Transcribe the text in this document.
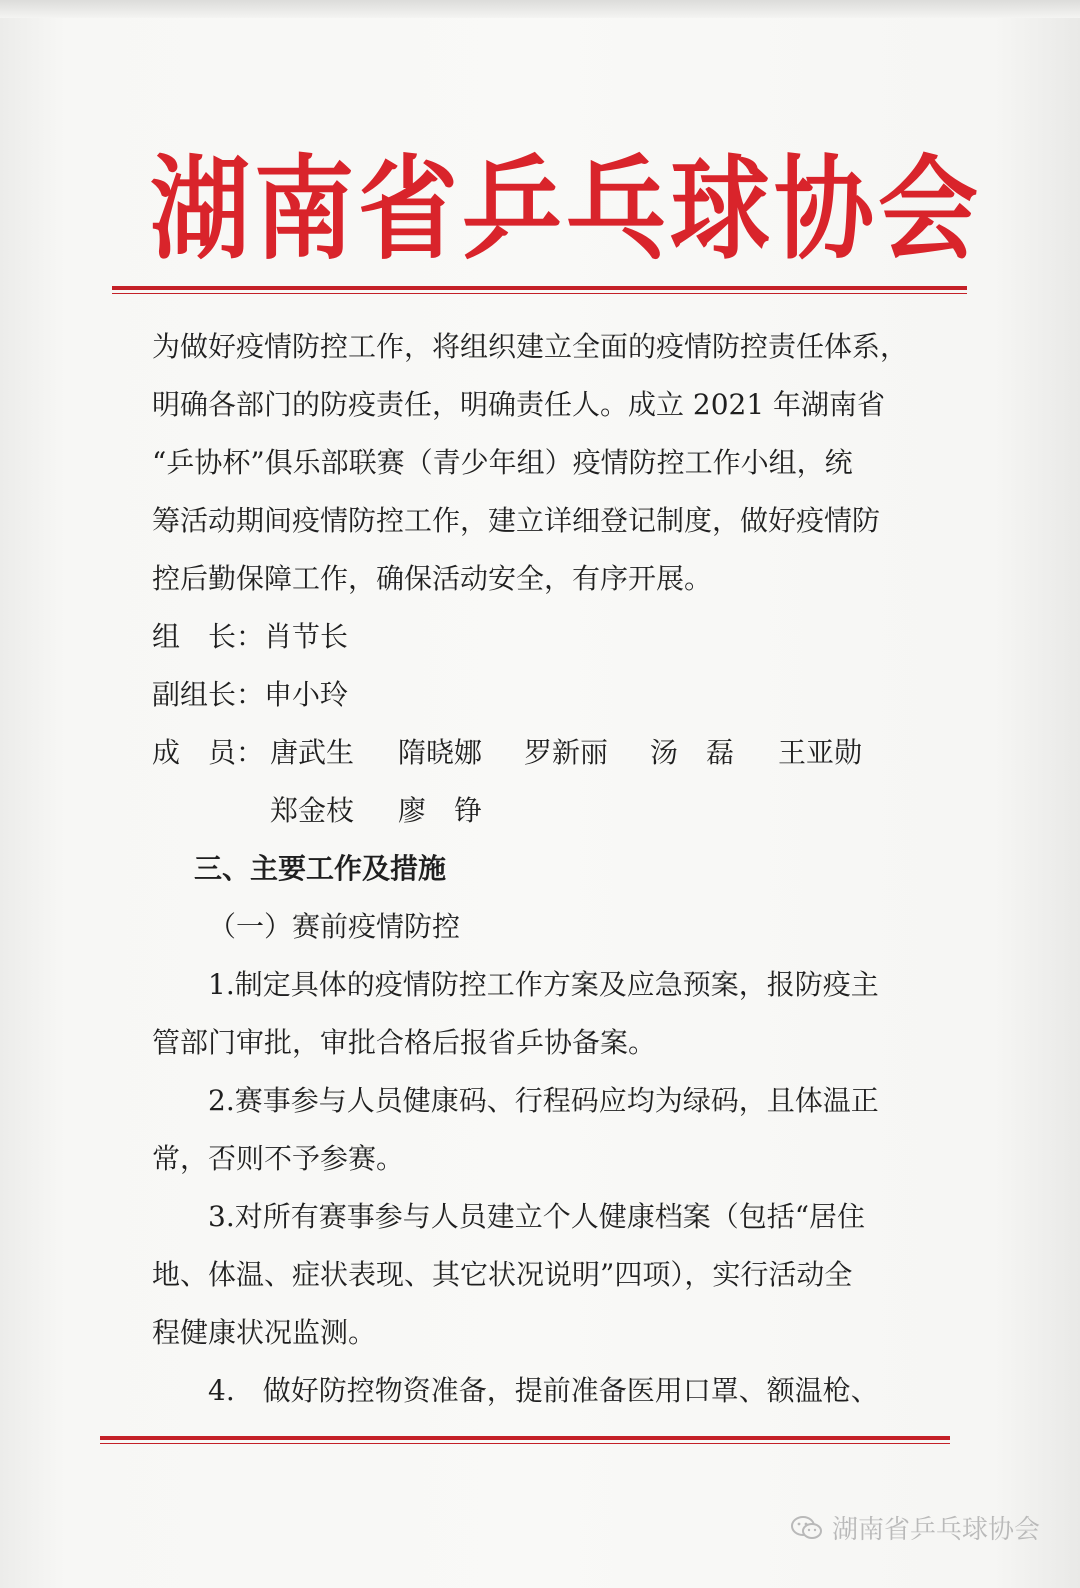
湖南省乒乓球协会
为做好疫情防控工作，将组织建立全面的疫情防控责任体系，
明确各部门的防疫责任，明确责任人。成立 2021 年湖南省
“乒协杯”俱乐部联赛（青少年组）疫情防控工作小组，统
筹活动期间疫情防控工作，建立详细登记制度，做好疫情防
控后勤保障工作，确保活动安全，有序开展。
组　长：肖节长
副组长：申小玲
成　员： 唐武生 隋晓娜 罗新丽 汤　磊 王亚勋
郑金枝 廖　铮
三、主要工作及措施
（一）赛前疫情防控
1.制定具体的疫情防控工作方案及应急预案，报防疫主
管部门审批，审批合格后报省乒协备案。
2.赛事参与人员健康码、行程码应均为绿码，且体温正
常，否则不予参赛。
3.对所有赛事参与人员建立个人健康档案（包括“居住
地、体温、症状表现、其它状况说明”四项），实行活动全
程健康状况监测。
4.　做好防控物资准备，提前准备医用口罩、额温枪、
湖南省乒乓球协会
